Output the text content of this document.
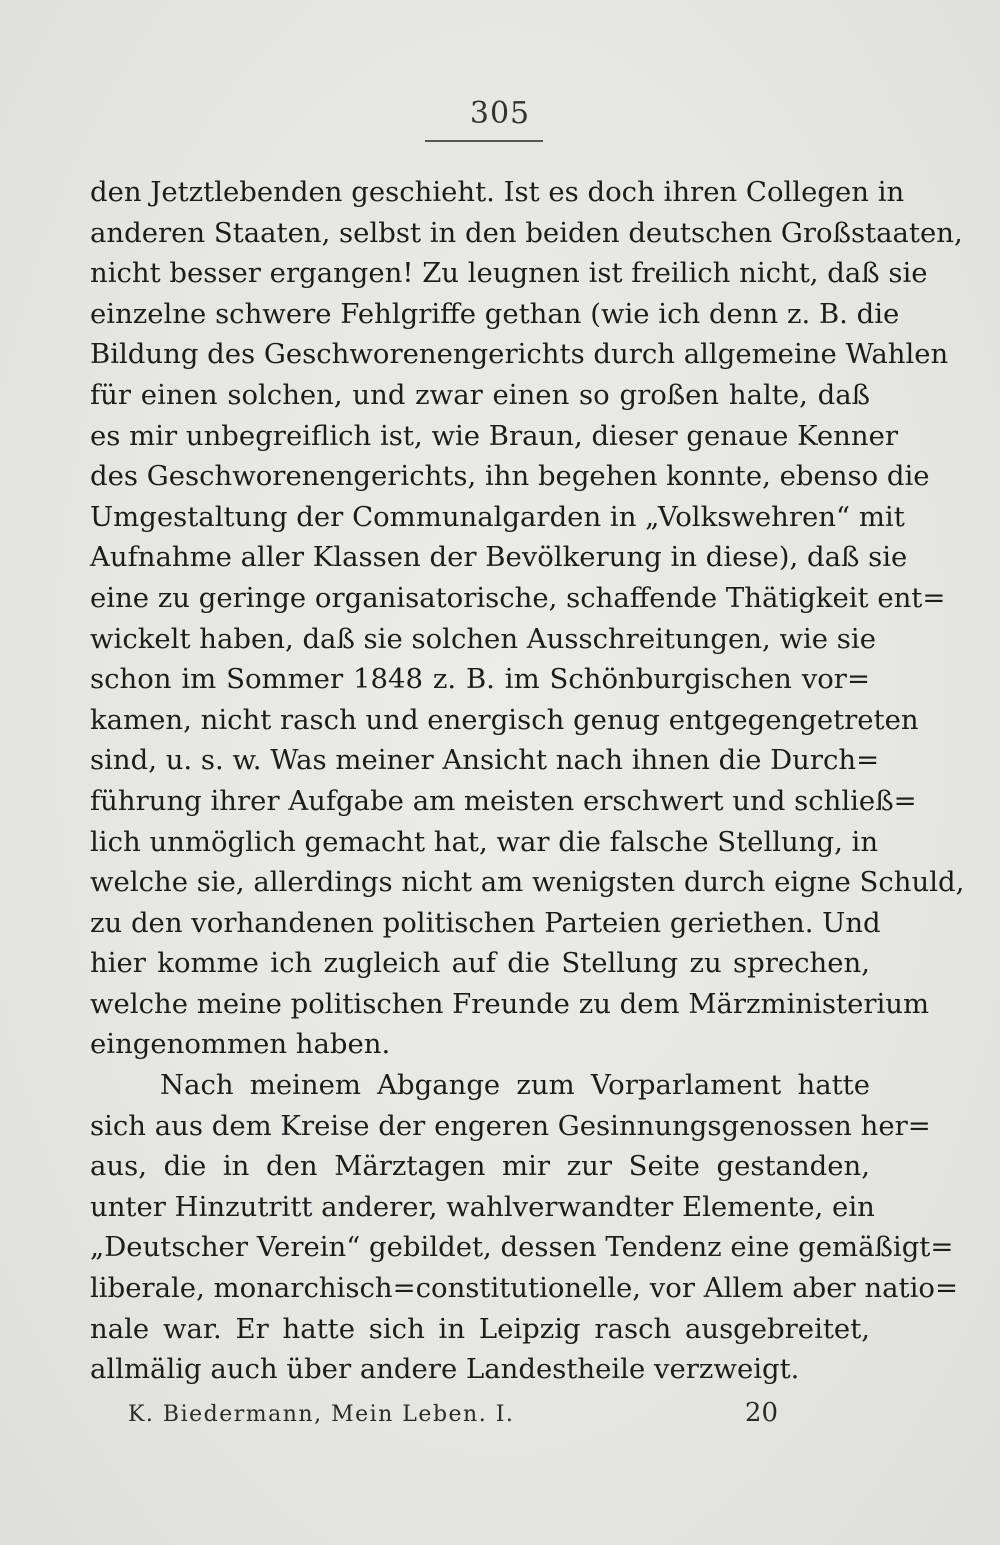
305
den Jetztlebenden geschieht. Ist es doch ihren Collegen in
anderen Staaten, selbst in den beiden deutschen Großstaaten,
nicht besser ergangen! Zu leugnen ist freilich nicht, daß sie
einzelne schwere Fehlgriffe gethan (wie ich denn z. B. die
Bildung des Geschworenengerichts durch allgemeine Wahlen
für einen solchen, und zwar einen so großen halte, daß
es mir unbegreiflich ist, wie Braun, dieser genaue Kenner
des Geschworenengerichts, ihn begehen konnte, ebenso die
Umgestaltung der Communalgarden in „Volkswehren“ mit
Aufnahme aller Klassen der Bevölkerung in diese), daß sie
eine zu geringe organisatorische, schaffende Thätigkeit ent=
wickelt haben, daß sie solchen Ausschreitungen, wie sie
schon im Sommer 1848 z. B. im Schönburgischen vor=
kamen, nicht rasch und energisch genug entgegengetreten
sind, u. s. w. Was meiner Ansicht nach ihnen die Durch=
führung ihrer Aufgabe am meisten erschwert und schließ=
lich unmöglich gemacht hat, war die falsche Stellung, in
welche sie, allerdings nicht am wenigsten durch eigne Schuld,
zu den vorhandenen politischen Parteien geriethen. Und
hier komme ich zugleich auf die Stellung zu sprechen,
welche meine politischen Freunde zu dem Märzministerium
eingenommen haben.
Nach meinem Abgange zum Vorparlament hatte
sich aus dem Kreise der engeren Gesinnungsgenossen her=
aus, die in den Märztagen mir zur Seite gestanden,
unter Hinzutritt anderer, wahlverwandter Elemente, ein
„Deutscher Verein“ gebildet, dessen Tendenz eine gemäßigt=
liberale, monarchisch=constitutionelle, vor Allem aber natio=
nale war. Er hatte sich in Leipzig rasch ausgebreitet,
allmälig auch über andere Landestheile verzweigt.
K. Biedermann, Mein Leben. I.	20
